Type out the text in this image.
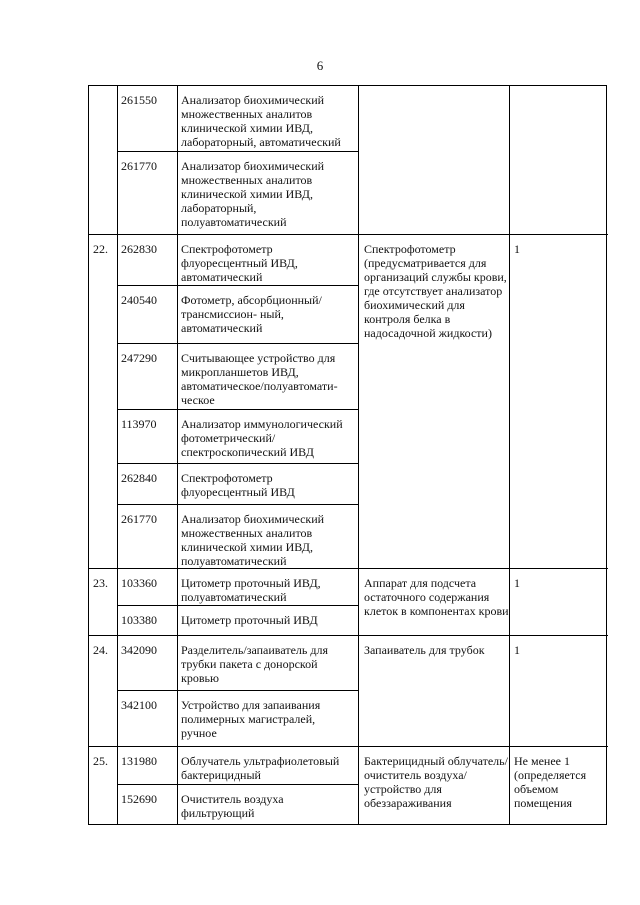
6
22.
23.
24.
25.
261550
261770
262830
240540
247290
113970
262840
261770
103360
103380
342090
342100
131980
152690
Анализатор биохимический множественных аналитов клинической химии ИВД, лабораторный, автоматический
Анализатор биохимический множественных аналитов клинической химии ИВД, лабораторный, полуавтоматический
Спектрофотометр флуоресцентный ИВД, автоматический
Фотометр, абсорбционный/трансмиссион- ный, автоматический
Считывающее устройство для микропланшетов ИВД, автоматическое/полуавтомати- ческое
Анализатор иммунологический фотометрический/ спектроскопический ИВД
Спектрофотометр флуоресцентный ИВД
Анализатор биохимический множественных аналитов клинической химии ИВД, полуавтоматический
Цитометр проточный ИВД, полуавтоматический
Цитометр проточный ИВД
Разделитель/запаиватель для трубки пакета с донорской кровью
Устройство для запаивания полимерных магистралей, ручное
Облучатель ультрафиолетовый бактерицидный
Очиститель воздуха фильтрующий
Спектрофотометр (предусматривается для организаций службы крови, где отсутствует анализатор биохимический для контроля белка в надосадочной жидкости)
Аппарат для подсчета остаточного содержания клеток в компонентах крови
Запаиватель для трубок
Бактерицидный облучатель/очиститель воздуха/устройство для обеззараживания
1
1
1
Не менее 1 (определяется объемом помещения
